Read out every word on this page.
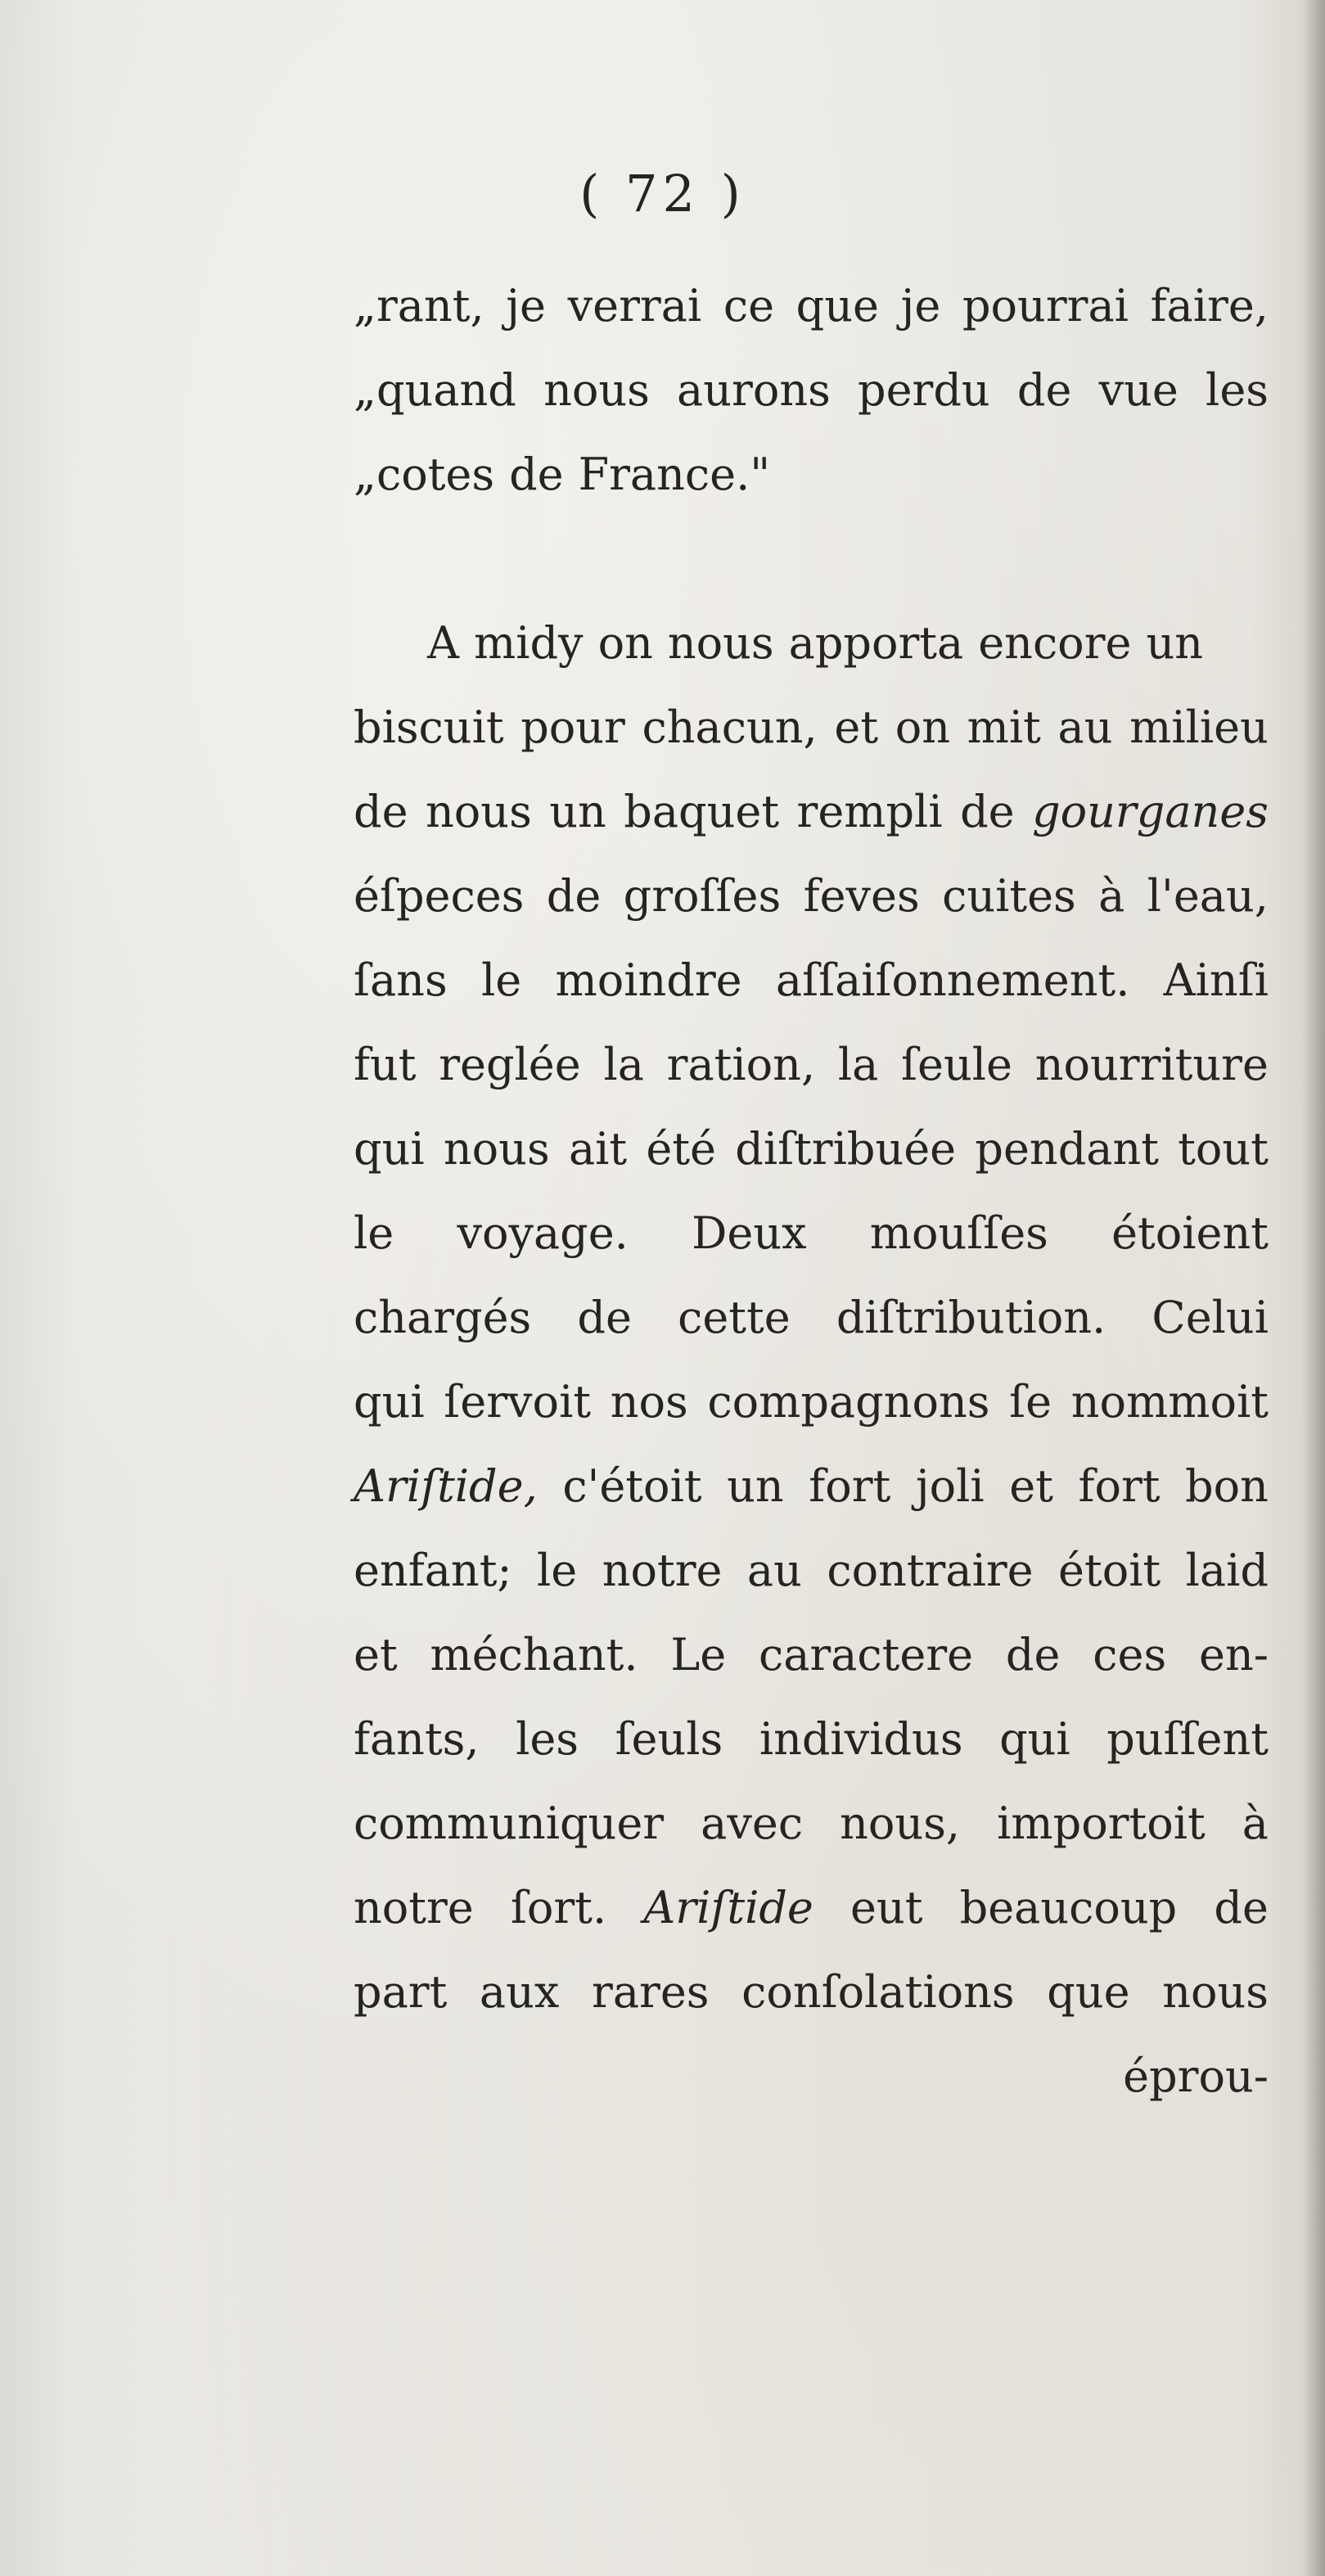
( 72 )
„rant, je verrai ce que je pourrai faire,
„quand nous aurons perdu de vue les
„cotes de France."
A midy on nous apporta encore un
biscuit pour chacun, et on mit au milieu
de nous un baquet rempli de gourganes
éſpeces de groſſes feves cuites à l'eau,
ſans le moindre aſſaiſonnement. Ainſi
fut reglée la ration, la ſeule nourriture
qui nous ait été diſtribuée pendant tout
le voyage. Deux mouſſes étoient
chargés de cette diſtribution. Celui
qui ſervoit nos compagnons ſe nommoit
Ariſtide, c'étoit un fort joli et fort bon
enfant; le notre au contraire étoit laid
et méchant. Le caractere de ces en-
fants, les ſeuls individus qui puſſent
communiquer avec nous, importoit à
notre ſort. Ariſtide eut beaucoup de
part aux rares conſolations que nous
éprou-
